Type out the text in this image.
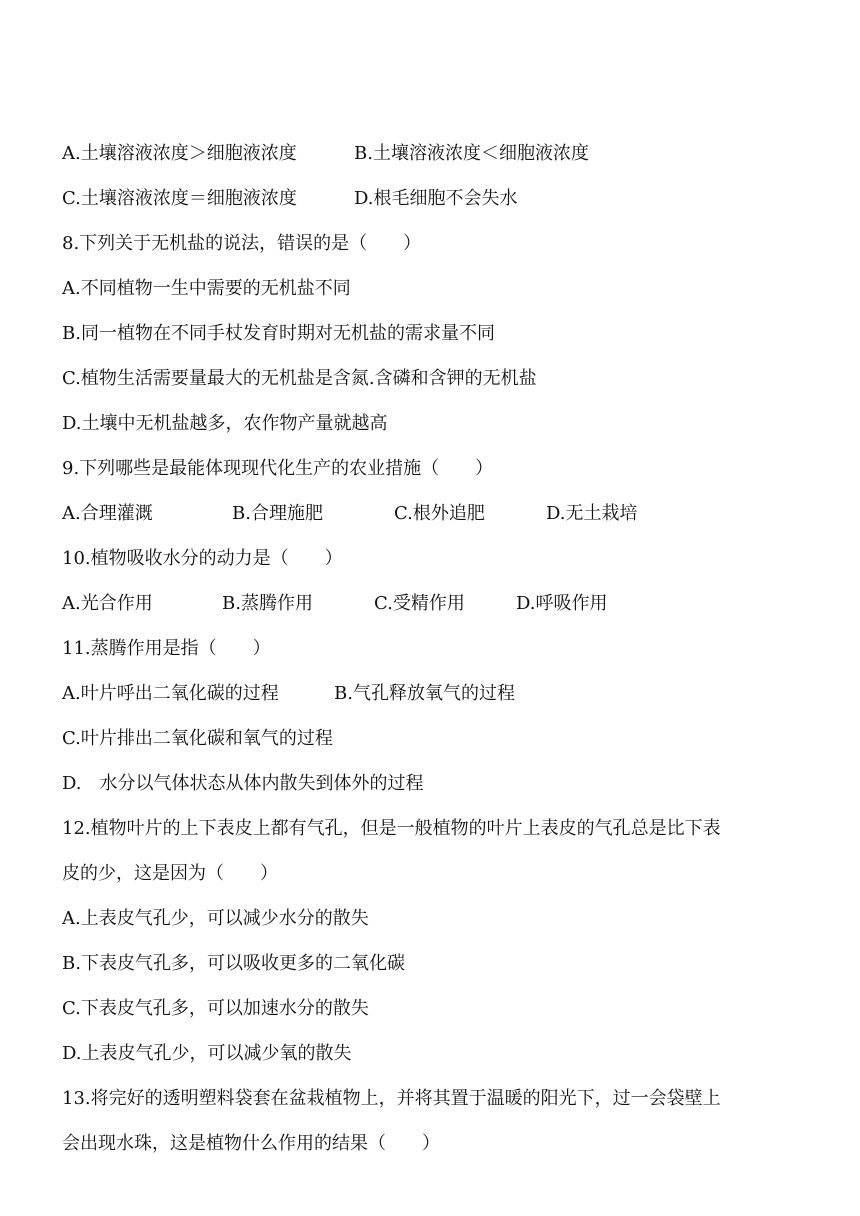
A.土壤溶液浓度＞细胞液浓度	B.土壤溶液浓度＜细胞液浓度
C.土壤溶液浓度＝细胞液浓度	D.根毛细胞不会失水
8.下列关于无机盐的说法，错误的是（　　）
A.不同植物一生中需要的无机盐不同
B.同一植物在不同手杖发育时期对无机盐的需求量不同
C.植物生活需要量最大的无机盐是含氮.含磷和含钾的无机盐
D.土壤中无机盐越多，农作物产量就越高
9.下列哪些是最能体现现代化生产的农业措施（　　）
A.合理灌溉	B.合理施肥	C.根外追肥	D.无土栽培
10.植物吸收水分的动力是（　　）
A.光合作用	B.蒸腾作用	C.受精作用	D.呼吸作用
11.蒸腾作用是指（　　）
A.叶片呼出二氧化碳的过程	B.气孔释放氧气的过程
C.叶片排出二氧化碳和氧气的过程
D.　水分以气体状态从体内散失到体外的过程
12.植物叶片的上下表皮上都有气孔，但是一般植物的叶片上表皮的气孔总是比下表
皮的少，这是因为（　　）
A.上表皮气孔少，可以减少水分的散失
B.下表皮气孔多，可以吸收更多的二氧化碳
C.下表皮气孔多，可以加速水分的散失
D.上表皮气孔少，可以减少氧的散失
13.将完好的透明塑料袋套在盆栽植物上，并将其置于温暖的阳光下，过一会袋壁上
会出现水珠，这是植物什么作用的结果（　　）
